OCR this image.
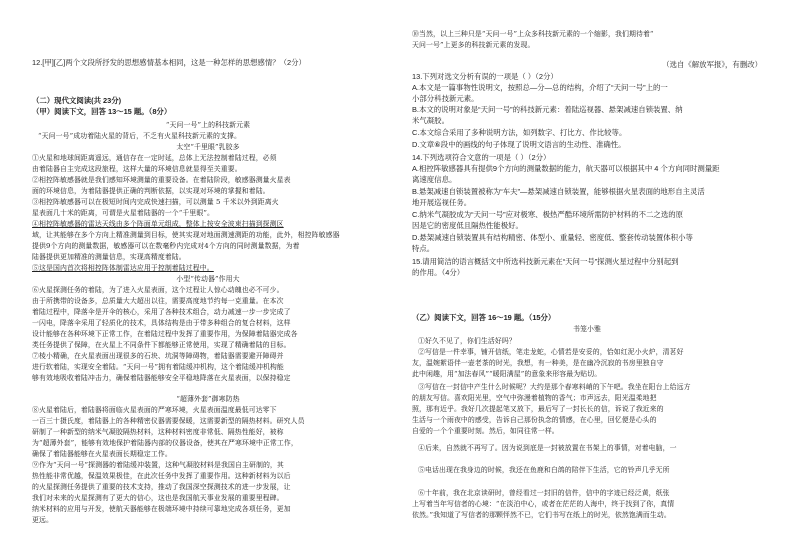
12.[甲][乙]两个文段所抒发的思想感情基本相同，这是一种怎样的思想感情？（2分）
（二）现代文阅读(共 23分)
（甲）阅读下文，回答 13～15 题。（8分）
“天问一号”上的科技新元素
“天问一号”成功着陆火星的背后，不乏有火星科技新元素的支撑。
太空“千里眼”乳胶多
①火星和地球间距离遥远，通信存在一定时延，总体上无法控制着陆过程，必须
由着陆器自主完成这段旅程，这样大量的环境信息就显得至关重要。
②相控阵敏感器就是我们感知环境测量的重要设备。在着陆阶段，敏感器测量火星表
面的环境信息，为着陆器提供正确的判断依据，以实现对环境的掌握和着陆。
③相控阵敏感器可以在极短时间内完成快速扫描，可以测量 5 千米以外到距离火
星表面几十米的距离，可谓是火星着陆器的一个“千里眼”。
④相控阵敏感器的雷达天线由多个阵面单元组成，整体上按安全波束扫描到探测区
域，让其能够在多个方向上精准测量到目标，使其实现对地面测速测距的功能，此外，相控阵敏感器
提供9个方向的测量数据，敏感器可以在数毫秒内完成对4个方向的同时测量数据，为着
陆器提供更加精准的测量信息，实现高精度着陆。
⑤这是国内首次将相控阵体制雷达应用于控制着陆过程中。
小型“传动器”作用大
⑥火星探测任务的着陆，为了进入火星表面，这个过程让人惊心动魄也必不可少。
由于所携带的设备多，总质量大大超出以往，需要高度地节约每一克重量。在本次
着陆过程中，降落伞是开伞的核心，采用了各种技术组合，动力减速一步一步完成了
一闪电，降落伞采用了轻质化的技术，具体结构是由于带多种组合的复合材料，这样
设计能够在各种环境下正常工作，在着陆过程中发挥了重要作用，为保障着陆器完成各
类任务提供了保障，在火星上不同条件下都能够正常使用，实现了精确着陆的目标。
⑦棱小精确，在火星表面出现很多的石块、坑洞等障碍物，着陆器需要避开障碍并
进行软着陆，实现安全着陆。“天问一号”拥有着陆缓冲机构，这个着陆缓冲机构能
够有效地吸收着陆冲击力，确保着陆器能够安全平稳地降落在火星表面，以保持稳定
“超薄外套”御寒防热
⑧火星着陆后，着陆器将面临火星表面的严寒环境，火星表面温度最低可达零下
一百三十摄氏度，着陆器上的各种精密仪器需要保暖，这需要新型的隔热材料。研究人员
研制了一种新型的纳米气凝胶隔热材料，这种材料密度非常低、隔热性能好，被称
为“超薄外套”，能够有效地保护着陆器内部的仪器设备，使其在严寒环境中正常工作，
确保了着陆器能够在火星表面长期稳定工作。
⑨作为“天问一号”探测器的着陆缓冲装置，这种气凝胶材料是我国自主研制的，其
热性能非常优越，保温效果极佳，在此次任务中发挥了重要作用。这种新材料为以后
的火星探测任务提供了重要的技术支持，推动了我国深空探测技术的进一步发展，让
我们对未来的火星探测有了更大的信心，这也是我国航天事业发展的重要里程碑。
纳米材料的应用与开发，使航天器能够在极端环境中持续可靠地完成各项任务，更加
更远。
⑩当然，以上三种只是“天问一号”上众多科技新元素的一个缩影，我们期待着“
天问一号”上更多的科技新元素的发现。
（选自《解放军报》，有删改）
13.下列对选文分析有误的一项是（ ）（2分）
A.本文是一篇事物性说明文，按照总—分—总的结构，介绍了“天问一号”上的一
小部分科技新元素。
B.本文的说明对象是“天问一号”的科技新元素：着陆巡视器、悬架减速自锁装置、纳
米气凝胶。
C.本文综合采用了多种说明方法，如列数字、打比方、作比较等。
D.文章⑥段中的画线的句子体现了说明文语言的生动性、准确性。
14.下列选项符合文意的一项是（ ）（2分）
A.相控阵敏感器具有提供9个方向的测量数据的能力，航天器可以根据其中 4 个方向同时测量距
离速度信息。
B.悬架减速自锁装置被称为“车夫”—悬架减速自锁装置，能够根据火星表面的地形自主灵活
地开展巡视任务。
C.纳米气凝胶成为“天问一号”应对极寒、极热严酷环境所需防护材料的不二之选的原
因是它的密度低且隔热性能极好。
D.悬架减速自锁装置具有结构精密、体型小、重量轻、密度低、整套传动装置体积小等
特点。
15.请用简洁的语言概括文中所选科技新元素在“天问一号”探测火星过程中分别起到
的作用。（4分）
（乙）阅读下文，回答 16～19 题。（15分）
书笼小雅
①好久不见了，你们生活好吗？
②写信是一件幸事，铺开信纸，笔走龙蛇，心情若是安妥的，恰如红泥小火炉，清茗好
友，温婉絮语伴一壶老茶的时光，我想，有一种美，是在幽冷沉寂的书房里独自守
此中闲趣，用“加法春风”“暖阳满屋”的意象来形容最为贴切。
③写信在一封信中产生什么时候呢？大约是那个春寒料峭的下午吧。我坐在阳台上给远方
的朋友写信。喜欢阳光里，空气中弥漫着植物的香气；市声远去，阳光温柔地把
照，那有近乎。我好几次提起笔又放下，最后写了一封长长的信，诉说了我近来的
生活与一个雨夜中的感受，告诉自己那份执念的情感，在心里，回忆便是心头的
自爱的一个个重要时刻。然后，如同往常一样。
④后来，自然就不再写了。因为说到底是一封被放置在书架上的事情，对着电脑，一
⑤电话出现在我身边的时候，我还在鱼鹿和白鸽的陪伴下生活，它的铃声几乎无所
⑥十年前，我在北京读研时，曾经看过一封旧的信件，信中的字迹已经泛黄，纸张
上写着当年写信者的心境：“在淡泊中心，或者在茫茫的人海中，终于找到了你，真情
依然。”我知道了写信者的那颗怦然不已，它们书写在纸上的时光，依然饱满而生动。
